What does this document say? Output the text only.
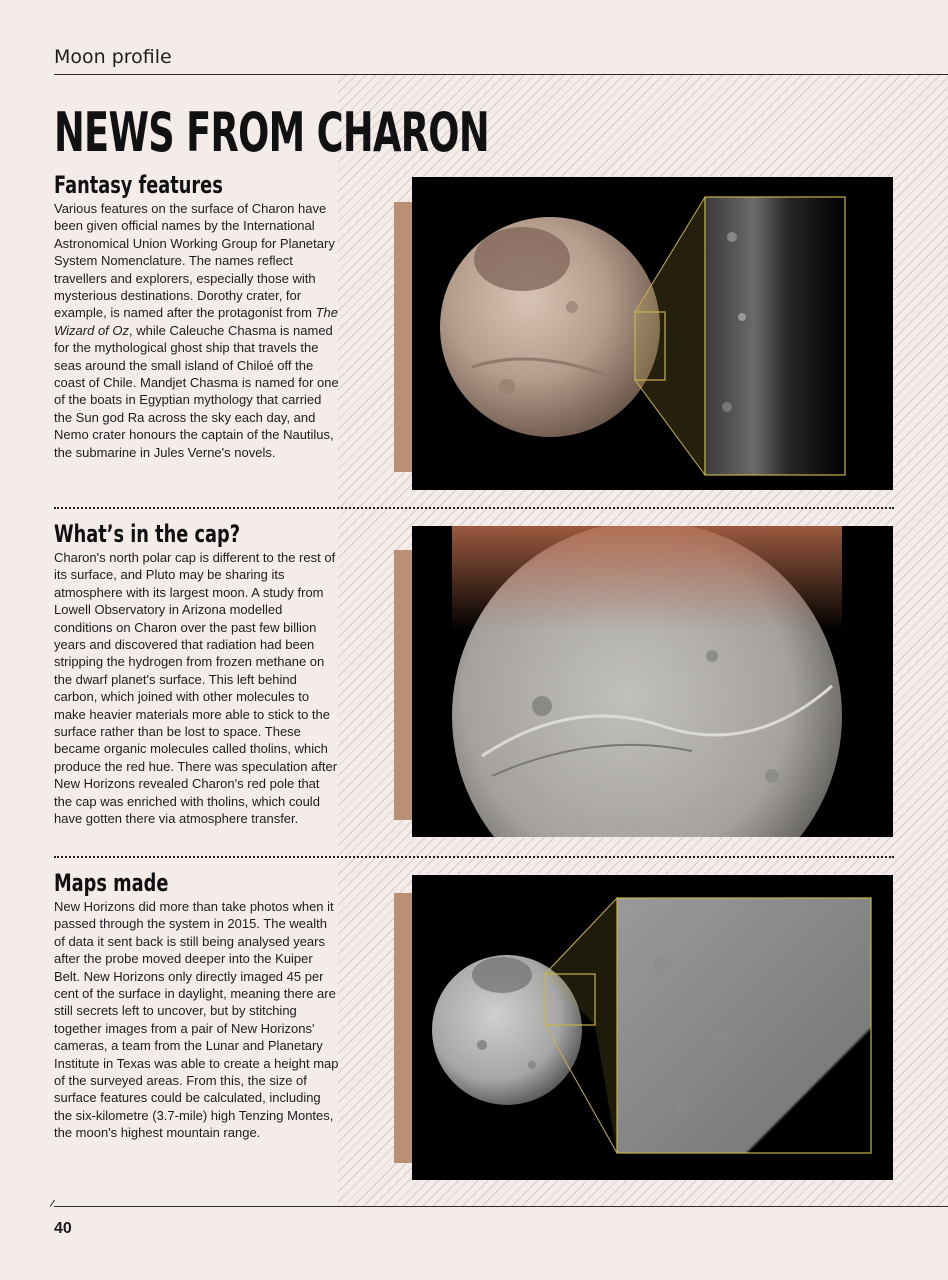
Moon profile
NEWS FROM CHARON
Fantasy features

Various features on the surface of Charon have been given official names by the International Astronomical Union Working Group for Planetary System Nomenclature. The names reflect travellers and explorers, especially those with mysterious destinations. Dorothy crater, for example, is named after the protagonist from The Wizard of Oz, while Caleuche Chasma is named for the mythological ghost ship that travels the seas around the small island of Chiloé off the coast of Chile. Mandjet Chasma is named for one of the boats in Egyptian mythology that carried the Sun god Ra across the sky each day, and Nemo crater honours the captain of the Nautilus, the submarine in Jules Verne's novels.

What’s in the cap?

Charon's north polar cap is different to the rest of its surface, and Pluto may be sharing its atmosphere with its largest moon. A study from Lowell Observatory in Arizona modelled conditions on Charon over the past few billion years and discovered that radiation had been stripping the hydrogen from frozen methane on the dwarf planet's surface. This left behind carbon, which joined with other molecules to make heavier materials more able to stick to the surface rather than be lost to space. These became organic molecules called tholins, which produce the red hue. There was speculation after New Horizons revealed Charon's red pole that the cap was enriched with tholins, which could have gotten there via atmosphere transfer.

Maps made

New Horizons did more than take photos when it passed through the system in 2015. The wealth of data it sent back is still being analysed years after the probe moved deeper into the Kuiper Belt. New Horizons only directly imaged 45 per cent of the surface in daylight, meaning there are still secrets left to uncover, but by stitching together images from a pair of New Horizons' cameras, a team from the Lunar and Planetary Institute in Texas was able to create a height map of the surveyed areas. From this, the size of surface features could be calculated, including the six-kilometre (3.7-mile) high Tenzing Montes, the moon's highest mountain range.

40
